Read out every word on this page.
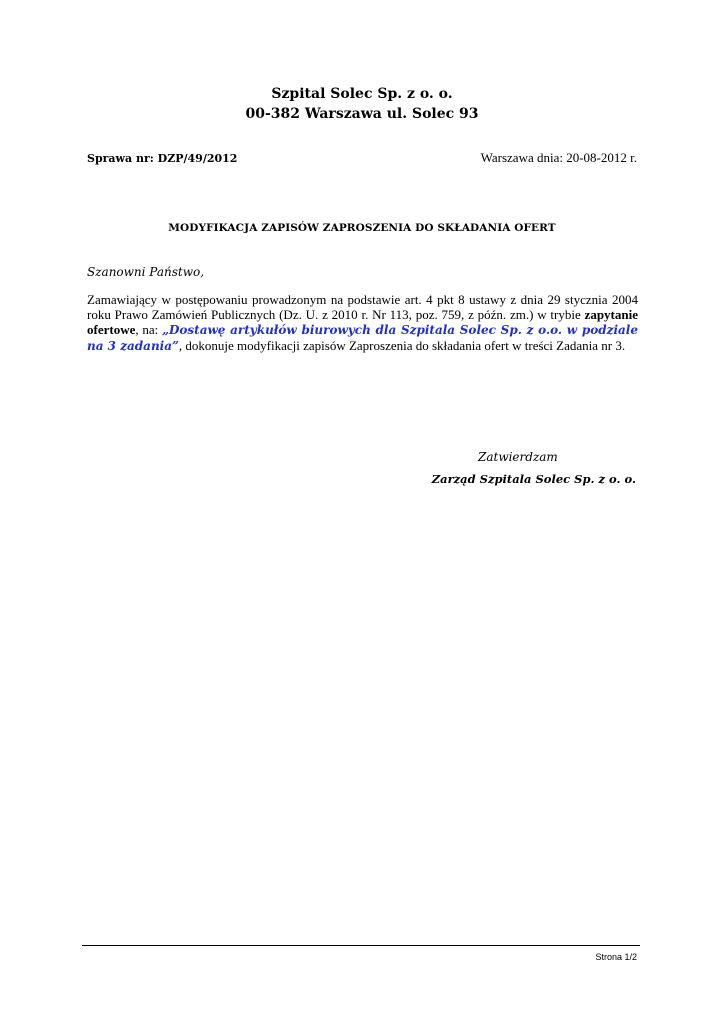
Szpital Solec Sp. z o. o.
00-382 Warszawa ul. Solec 93
Sprawa nr: DZP/49/2012	Warszawa dnia: 20-08-2012 r.
MODYFIKACJA ZAPISÓW ZAPROSZENIA DO SKŁADANIA OFERT
Szanowni Państwo,
Zamawiający w postępowaniu prowadzonym na podstawie art. 4 pkt 8 ustawy z dnia 29 stycznia 2004 roku Prawo Zamówień Publicznych (Dz. U. z 2010 r. Nr 113, poz. 759, z późn. zm.) w trybie zapytanie ofertowe, na: „Dostawę artykułów biurowych dla Szpitala Solec Sp. z o.o. w podziale na 3 zadania”, dokonuje modyfikacji zapisów Zaproszenia do składania ofert w treści Zadania nr 3.
Zatwierdzam
Zarząd Szpitala Solec Sp. z o. o.
Strona 1/2
